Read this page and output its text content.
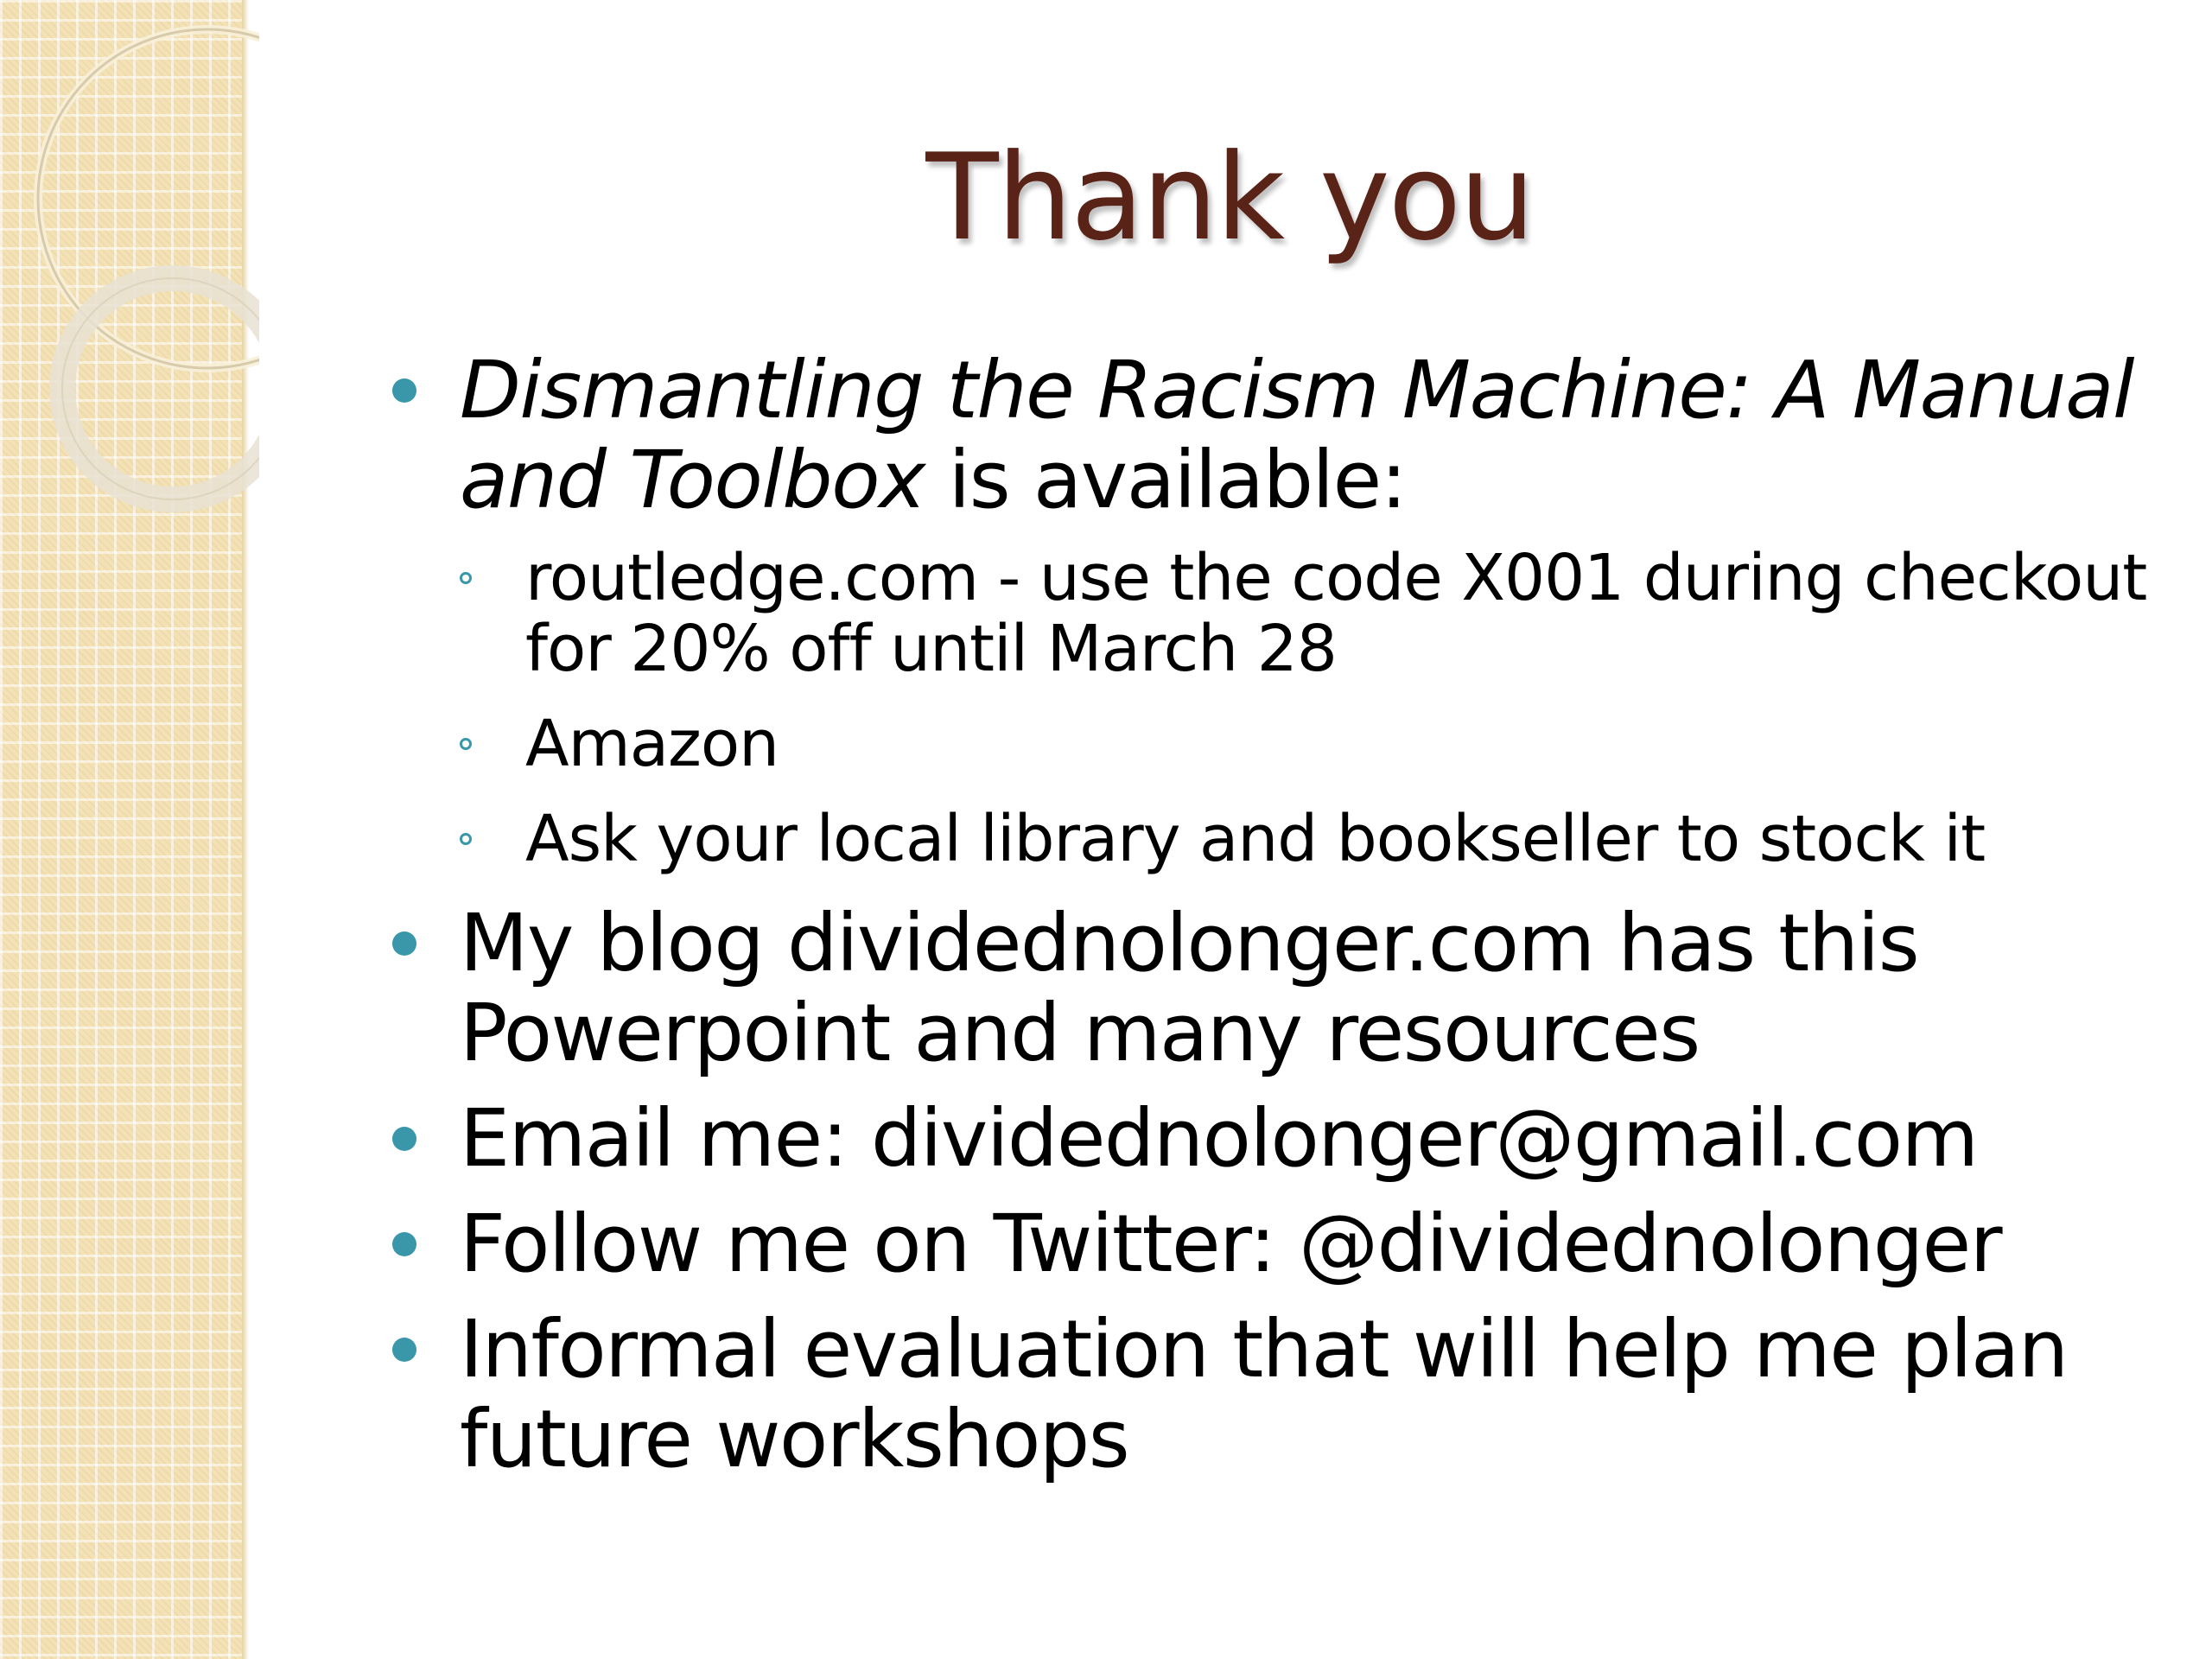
Thank you
Dismantling the Racism Machine: A Manual and Toolbox is available:
routledge.com - use the code X001 during checkout for 20% off until March 28
Amazon
Ask your local library and bookseller to stock it
My blog dividednolonger.com has this Powerpoint and many resources
Email me: dividednolonger@gmail.com
Follow me on Twitter: @dividednolonger
Informal evaluation that will help me plan future workshops
